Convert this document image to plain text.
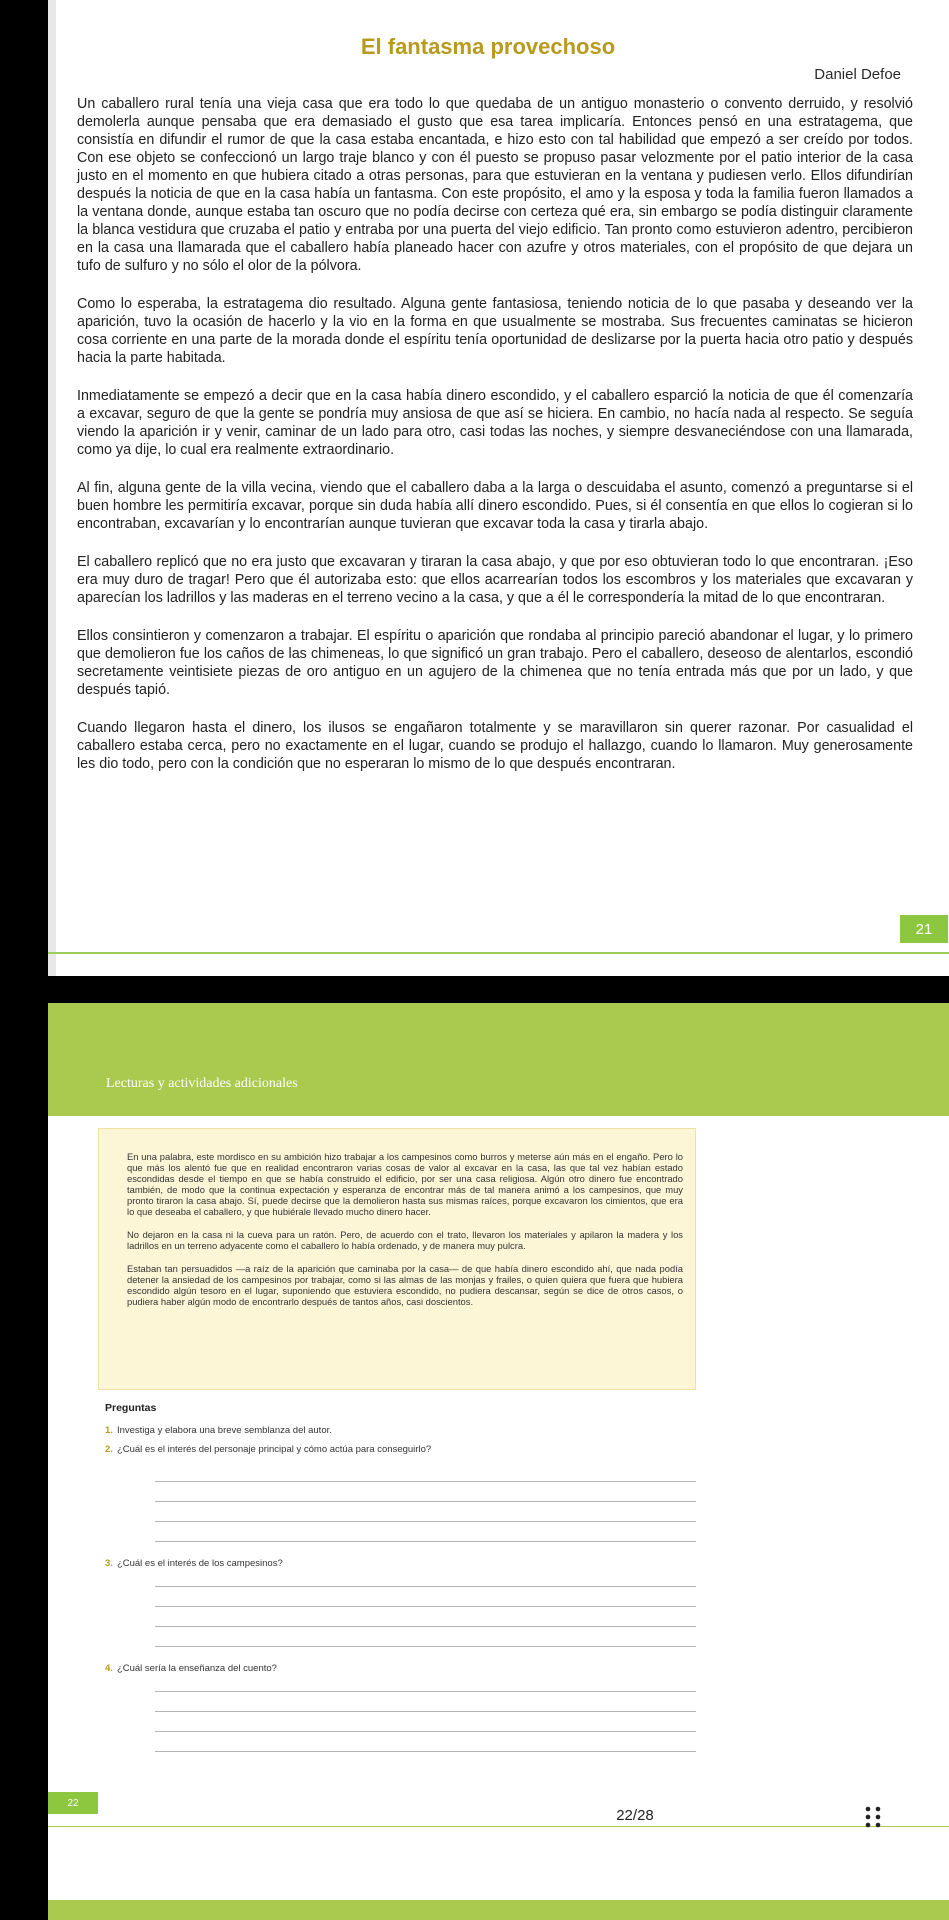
El fantasma provechoso
Daniel Defoe

Un caballero rural tenía una vieja casa que era todo lo que quedaba de un antiguo monasterio o convento derruido, y resolvió demolerla aunque pensaba que era demasiado el gusto que esa tarea implicaría. Entonces pensó en una estratagema, que consistía en difundir el rumor de que la casa estaba encantada, e hizo esto con tal habilidad que empezó a ser creído por todos. Con ese objeto se confeccionó un largo traje blanco y con él puesto se propuso pasar velozmente por el patio interior de la casa justo en el momento en que hubiera citado a otras personas, para que estuvieran en la ventana y pudiesen verlo. Ellos difundirían después la noticia de que en la casa había un fantasma. Con este propósito, el amo y la esposa y toda la familia fueron llamados a la ventana donde, aunque estaba tan oscuro que no podía decirse con certeza qué era, sin embargo se podía distinguir claramente la blanca vestidura que cruzaba el patio y entraba por una puerta del viejo edificio. Tan pronto como estuvieron adentro, percibieron en la casa una llamarada que el caballero había planeado hacer con azufre y otros materiales, con el propósito de que dejara un tufo de sulfuro y no sólo el olor de la pólvora.

Como lo esperaba, la estratagema dio resultado. Alguna gente fantasiosa, teniendo noticia de lo que pasaba y deseando ver la aparición, tuvo la ocasión de hacerlo y la vio en la forma en que usualmente se mostraba. Sus frecuentes caminatas se hicieron cosa corriente en una parte de la morada donde el espíritu tenía oportunidad de deslizarse por la puerta hacia otro patio y después hacia la parte habitada.

Inmediatamente se empezó a decir que en la casa había dinero escondido, y el caballero esparció la noticia de que él comenzaría a excavar, seguro de que la gente se pondría muy ansiosa de que así se hiciera. En cambio, no hacía nada al respecto. Se seguía viendo la aparición ir y venir, caminar de un lado para otro, casi todas las noches, y siempre desvaneciéndose con una llamarada, como ya dije, lo cual era realmente extraordinario.

Al fin, alguna gente de la villa vecina, viendo que el caballero daba a la larga o descuidaba el asunto, comenzó a preguntarse si el buen hombre les permitiría excavar, porque sin duda había allí dinero escondido. Pues, si él consentía en que ellos lo cogieran si lo encontraban, excavarían y lo encontrarían aunque tuvieran que excavar toda la casa y tirarla abajo.

El caballero replicó que no era justo que excavaran y tiraran la casa abajo, y que por eso obtuvieran todo lo que encontraran. ¡Eso era muy duro de tragar! Pero que él autorizaba esto: que ellos acarrearían todos los escombros y los materiales que excavaran y aparecían los ladrillos y las maderas en el terreno vecino a la casa, y que a él le correspondería la mitad de lo que encontraran.

Ellos consintieron y comenzaron a trabajar. El espíritu o aparición que rondaba al principio pareció abandonar el lugar, y lo primero que demolieron fue los caños de las chimeneas, lo que significó un gran trabajo. Pero el caballero, deseoso de alentarlos, escondió secretamente veintisiete piezas de oro antiguo en un agujero de la chimenea que no tenía entrada más que por un lado, y que después tapió.

Cuando llegaron hasta el dinero, los ilusos se engañaron totalmente y se maravillaron sin querer razonar. Por casualidad el caballero estaba cerca, pero no exactamente en el lugar, cuando se produjo el hallazgo, cuando lo llamaron. Muy generosamente les dio todo, pero con la condición que no esperaran lo mismo de lo que después encontraran.

21
Lecturas y actividades adicionales

En una palabra, este mordisco en su ambición hizo trabajar a los campesinos como burros y meterse aún más en el engaño. Pero lo que más los alentó fue que en realidad encontraron varias cosas de valor al excavar en la casa, las que tal vez habían estado escondidas desde el tiempo en que se había construido el edificio, por ser una casa religiosa. Algún otro dinero fue encontrado también, de modo que la continua expectación y esperanza de encontrar más de tal manera animó a los campesinos, que muy pronto tiraron la casa abajo. Sí, puede decirse que la demolieron hasta sus mismas raíces, porque excavaron los cimientos, que era lo que deseaba el caballero, y que hubiérale llevado mucho dinero hacer.

No dejaron en la casa ni la cueva para un ratón. Pero, de acuerdo con el trato, llevaron los materiales y apilaron la madera y los ladrillos en un terreno adyacente como el caballero lo había ordenado, y de manera muy pulcra.

Estaban tan persuadidos —a raíz de la aparición que caminaba por la casa— de que había dinero escondido ahí, que nada podía detener la ansiedad de los campesinos por trabajar, como si las almas de las monjas y frailes, o quien quiera que fuera que hubiera escondido algún tesoro en el lugar, suponiendo que estuviera escondido, no pudiera descansar, según se dice de otros casos, o pudiera haber algún modo de encontrarlo después de tantos años, casi doscientos.

Preguntas
1. Investiga y elabora una breve semblanza del autor.
2. ¿Cuál es el interés del personaje principal y cómo actúa para conseguirlo?
3. ¿Cuál es el interés de los campesinos?
4. ¿Cuál sería la enseñanza del cuento?
22
22/28
